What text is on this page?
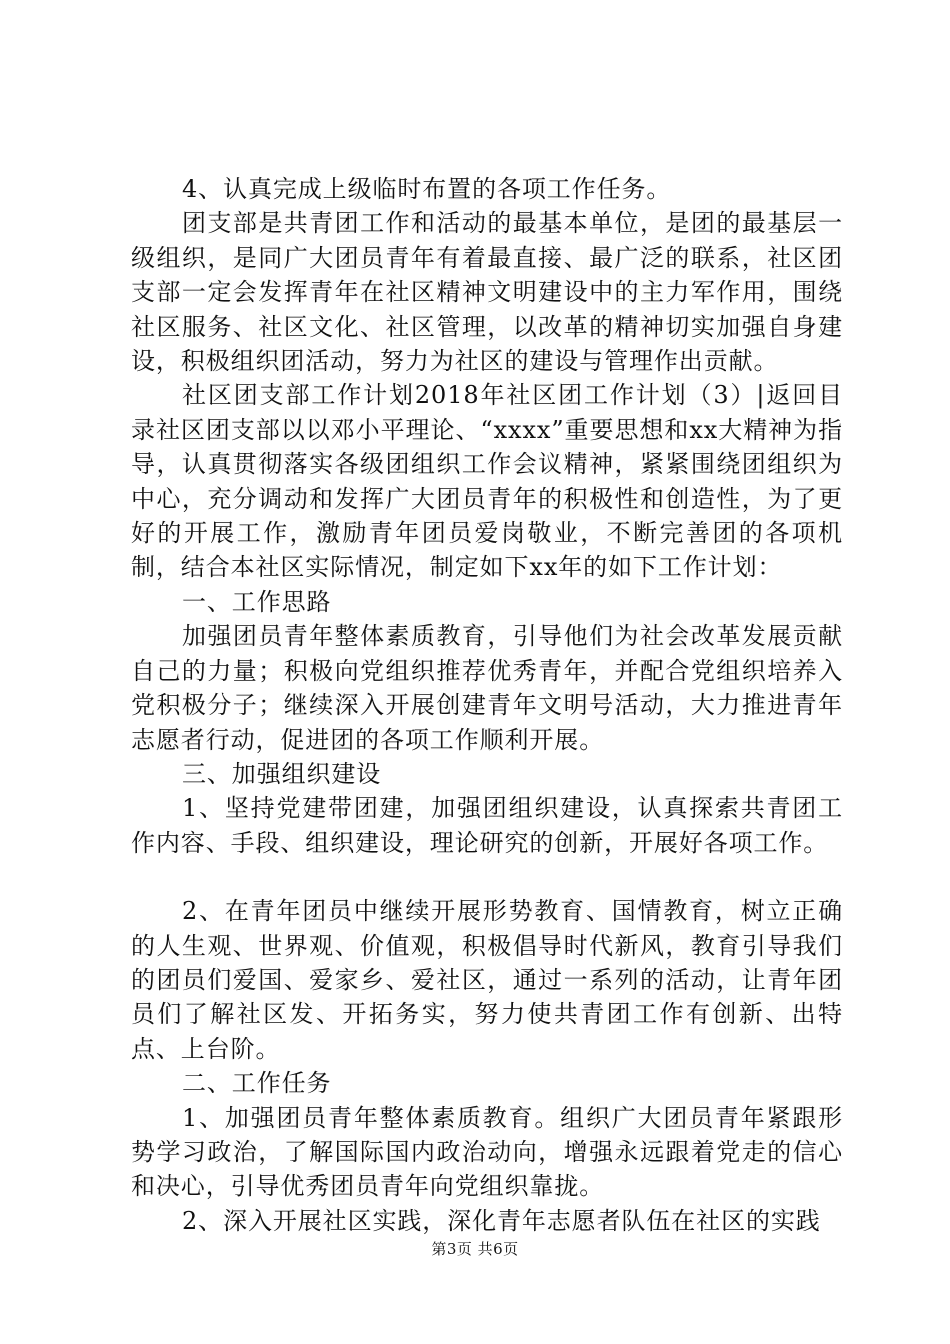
4、认真完成上级临时布置的各项工作任务。

团支部是共青团工作和活动的最基本单位，是团的最基层一级组织，是同广大团员青年有着最直接、最广泛的联系，社区团支部一定会发挥青年在社区精神文明建设中的主力军作用，围绕社区服务、社区文化、社区管理，以改革的精神切实加强自身建设，积极组织团活动，努力为社区的建设与管理作出贡献。

社区团支部工作计划2018年社区团工作计划（3）|返回目录社区团支部以以邓小平理论、“xxxx”重要思想和xx大精神为指导，认真贯彻落实各级团组织工作会议精神，紧紧围绕团组织为中心，充分调动和发挥广大团员青年的积极性和创造性，为了更好的开展工作，激励青年团员爱岗敬业，不断完善团的各项机制，结合本社区实际情况，制定如下xx年的如下工作计划：

一、工作思路

加强团员青年整体素质教育，引导他们为社会改革发展贡献自己的力量；积极向党组织推荐优秀青年，并配合党组织培养入党积极分子；继续深入开展创建青年文明号活动，大力推进青年志愿者行动，促进团的各项工作顺利开展。

三、加强组织建设

1、坚持党建带团建，加强团组织建设，认真探索共青团工作内容、手段、组织建设，理论研究的创新，开展好各项工作。

2、在青年团员中继续开展形势教育、国情教育，树立正确的人生观、世界观、价值观，积极倡导时代新风，教育引导我们的团员们爱国、爱家乡、爱社区，通过一系列的活动，让青年团员们了解社区发、开拓务实，努力使共青团工作有创新、出特点、上台阶。

二、工作任务

1、加强团员青年整体素质教育。组织广大团员青年紧跟形势学习政治，了解国际国内政治动向，增强永远跟着党走的信心和决心，引导优秀团员青年向党组织靠拢。

2、深入开展社区实践，深化青年志愿者队伍在社区的实践

第3页 共6页
